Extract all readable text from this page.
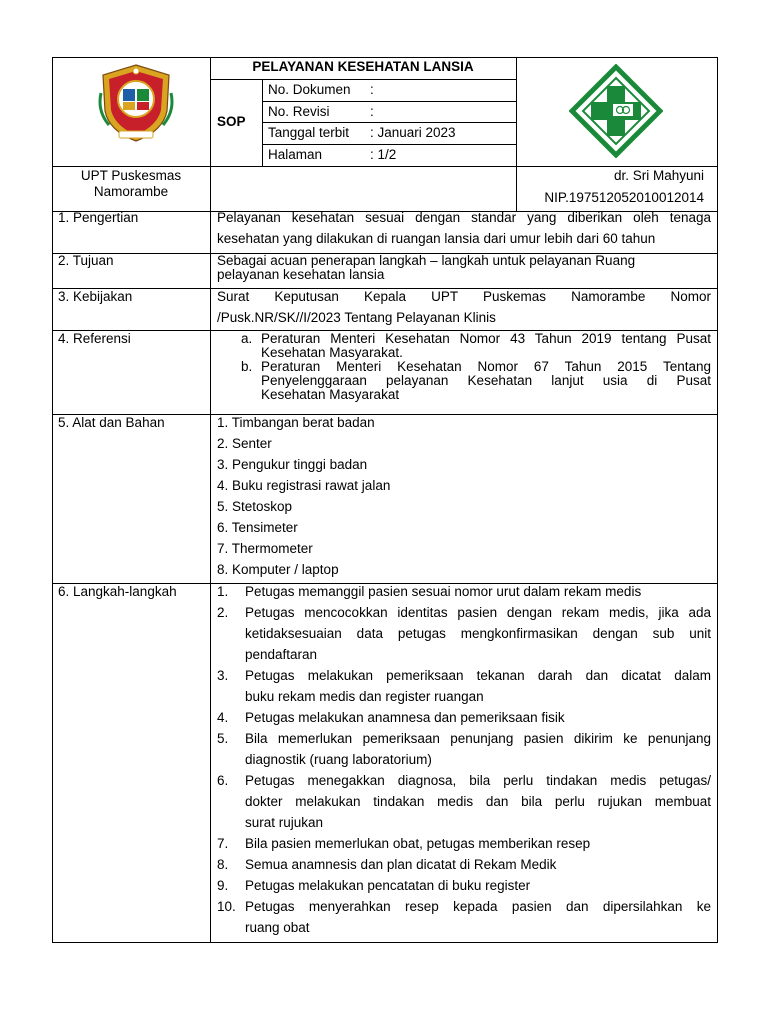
PELAYANAN KESEHATAN LANSIA
SOP
No. Dokumen :
No. Revisi	:
Tanggal terbit : Januari 2023
Halaman	: 1/2
UPT Puskesmas
Namorambe
dr. Sri Mahyuni
NIP.197512052010012014
1. Pengertian	Pelayanan kesehatan sesuai dengan standar yang diberikan oleh tenaga
kesehatan yang dilakukan di ruangan lansia dari umur lebih dari 60 tahun
2. Tujuan	Sebagai acuan penerapan langkah – langkah untuk pelayanan Ruang
pelayanan kesehatan lansia
3. Kebijakan	Surat Keputusan Kepala UPT Puskemas Namorambe Nomor
/Pusk.NR/SK//I/2023 Tentang Pelayanan Klinis
4. Referensi	a. Peraturan Menteri Kesehatan Nomor 43 Tahun 2019 tentang Pusat
Kesehatan Masyarakat.
b. Peraturan Menteri Kesehatan Nomor 67 Tahun 2015 Tentang
Penyelenggaraan pelayanan Kesehatan lanjut usia di Pusat
Kesehatan Masyarakat
5. Alat dan Bahan	1. Timbangan berat badan
2. Senter
3. Pengukur tinggi badan
4. Buku registrasi rawat jalan
5. Stetoskop
6. Tensimeter
7. Thermometer
8. Komputer / laptop
6. Langkah-langkah	1. Petugas memanggil pasien sesuai nomor urut dalam rekam medis
2. Petugas mencocokkan identitas pasien dengan rekam medis, jika ada
ketidaksesuaian data petugas mengkonfirmasikan dengan sub unit
pendaftaran
3. Petugas melakukan pemeriksaan tekanan darah dan dicatat dalam
buku rekam medis dan register ruangan
4. Petugas melakukan anamnesa dan pemeriksaan fisik
5. Bila memerlukan pemeriksaan penunjang pasien dikirim ke penunjang
diagnostik (ruang laboratorium)
6. Petugas menegakkan diagnosa, bila perlu tindakan medis petugas/
dokter melakukan tindakan medis dan bila perlu rujukan membuat
surat rujukan
7. Bila pasien memerlukan obat, petugas memberikan resep
8. Semua anamnesis dan plan dicatat di Rekam Medik
9. Petugas melakukan pencatatan di buku register
10. Petugas menyerahkan resep kepada pasien dan dipersilahkan ke
ruang obat
